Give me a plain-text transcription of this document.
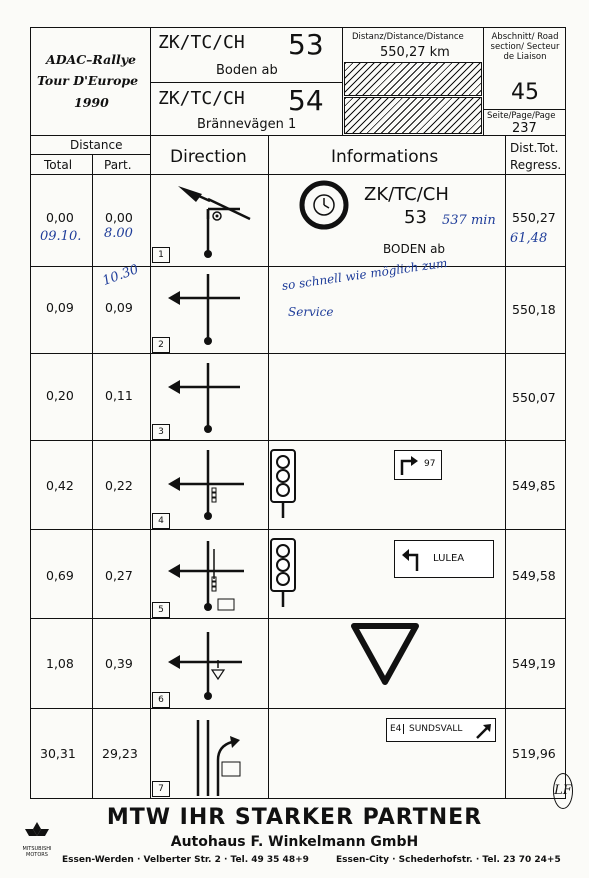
ADAC–Rallye
Tour D'Europe
1990
ZK/TC/CH 53
Boden ab
ZK/TC/CH 54
Brännevägen 1
Distanz/Distance/Distance
550,27 km
Abschnitt/ Road section/ Secteur de Liaison
45
Seite/Page/Page
237
Distance
Total	Part. Direction	Informations	Dist.Tot.
Regress.
0,00 0,00	550,27
09.10. 8.00
537 min
61,48
1
ZK/TC/CH
53
BODEN ab
0,09 0,09	550,18
10.30	so schnell wie möglich zum
Service
2
0,20 0,11	550,07
3
0,42 0,22	549,85
4
97
0,69 0,27	549,58
5
LULEA
1,08 0,39	549,19
6
30,31 29,23	519,96
7
E4 SUNDSVALL
LF
MTW IHR STARKER PARTNER
Autohaus F. Winkelmann GmbH
MITSUBISHI MOTORS	Essen-Werden · Velberter Str. 2 · Tel. 49 35 48+9	Essen-City · Schederhofstr. · Tel. 23 70 24+5
